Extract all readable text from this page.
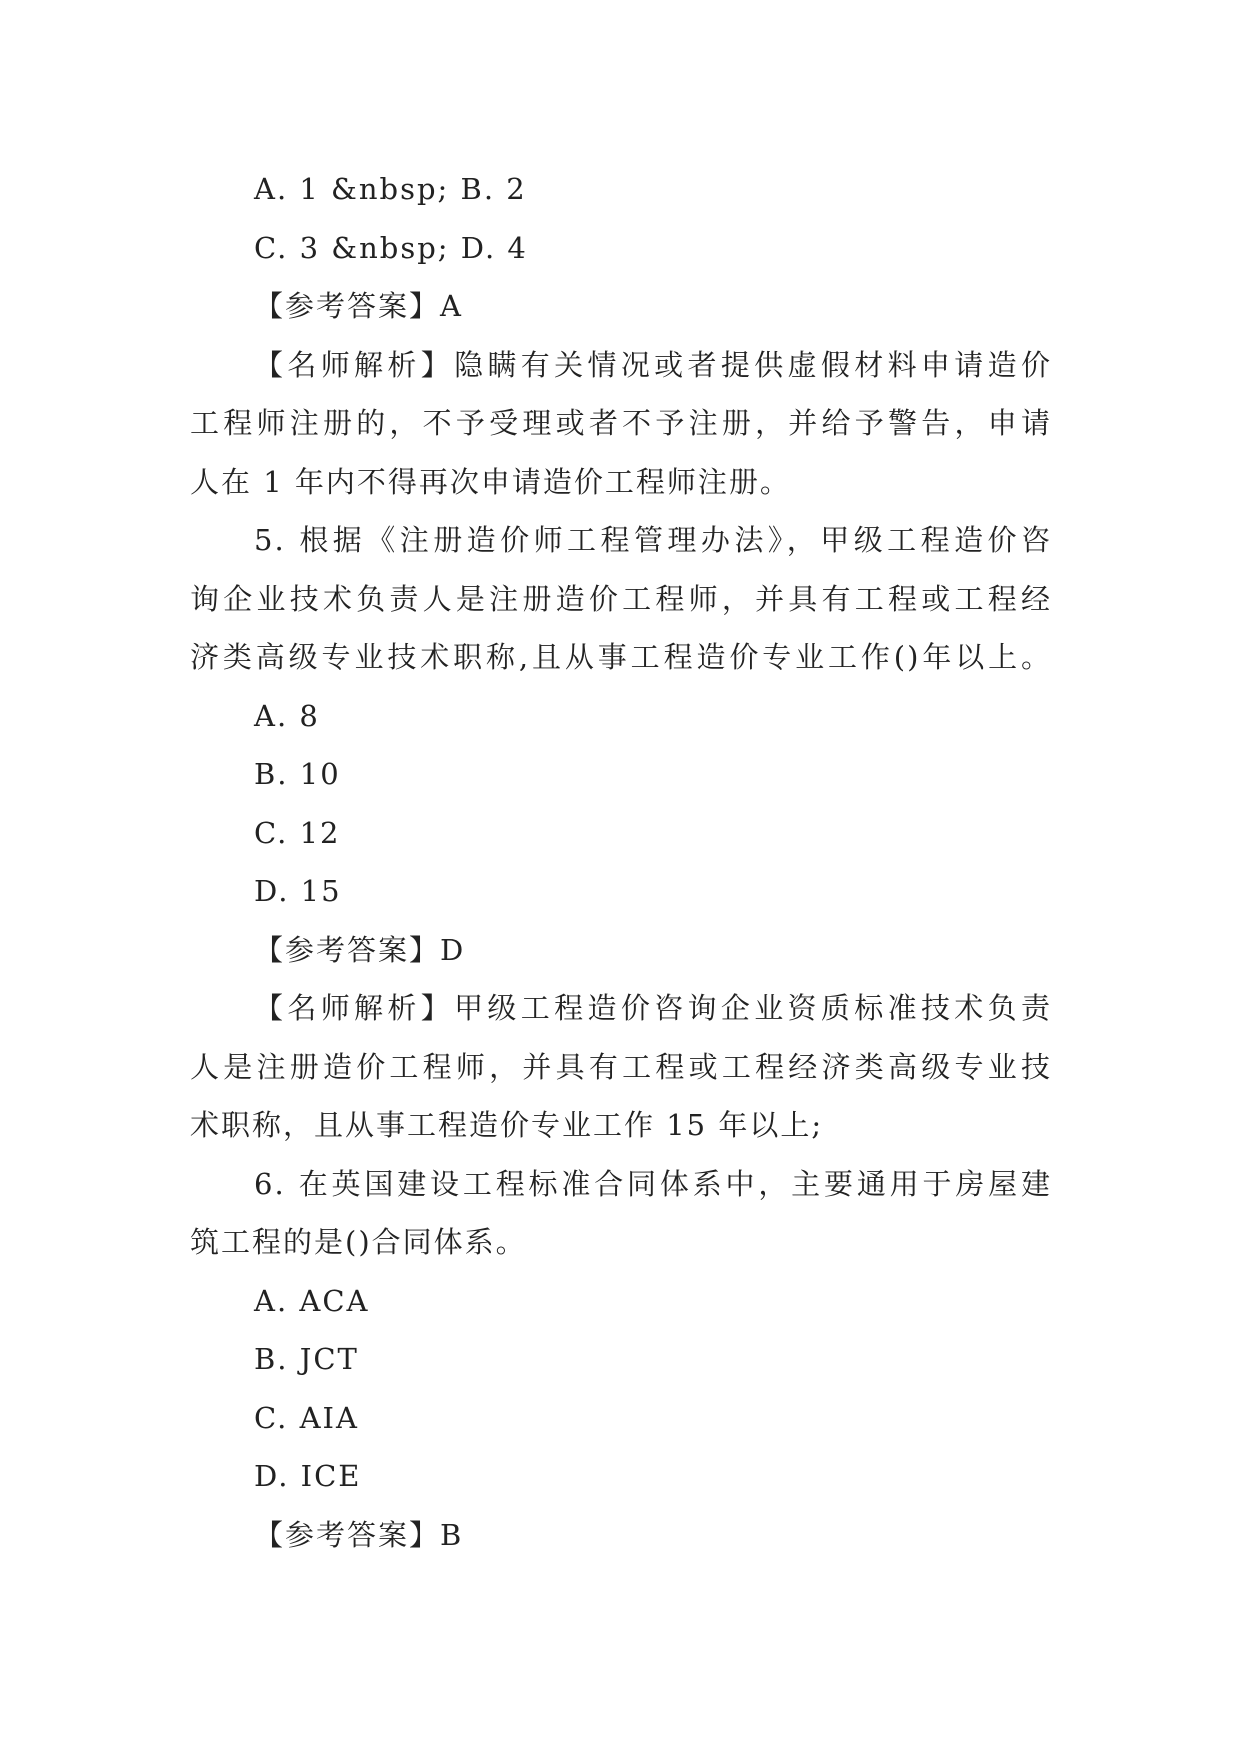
A. 1 &nbsp; B. 2

C. 3 &nbsp; D. 4

【参考答案】A

【名师解析】隐瞒有关情况或者提供虚假材料申请造价

工程师注册的，不予受理或者不予注册，并给予警告，申请

人在 1 年内不得再次申请造价工程师注册。

5. 根据《注册造价师工程管理办法》，甲级工程造价咨

询企业技术负责人是注册造价工程师，并具有工程或工程经

济类高级专业技术职称,且从事工程造价专业工作()年以上。

A. 8

B. 10

C. 12

D. 15

【参考答案】D

【名师解析】甲级工程造价咨询企业资质标准技术负责

人是注册造价工程师，并具有工程或工程经济类高级专业技

术职称，且从事工程造价专业工作 15 年以上;

6. 在英国建设工程标准合同体系中，主要通用于房屋建

筑工程的是()合同体系。

A. ACA

B. JCT

C. AIA

D. ICE

【参考答案】B
